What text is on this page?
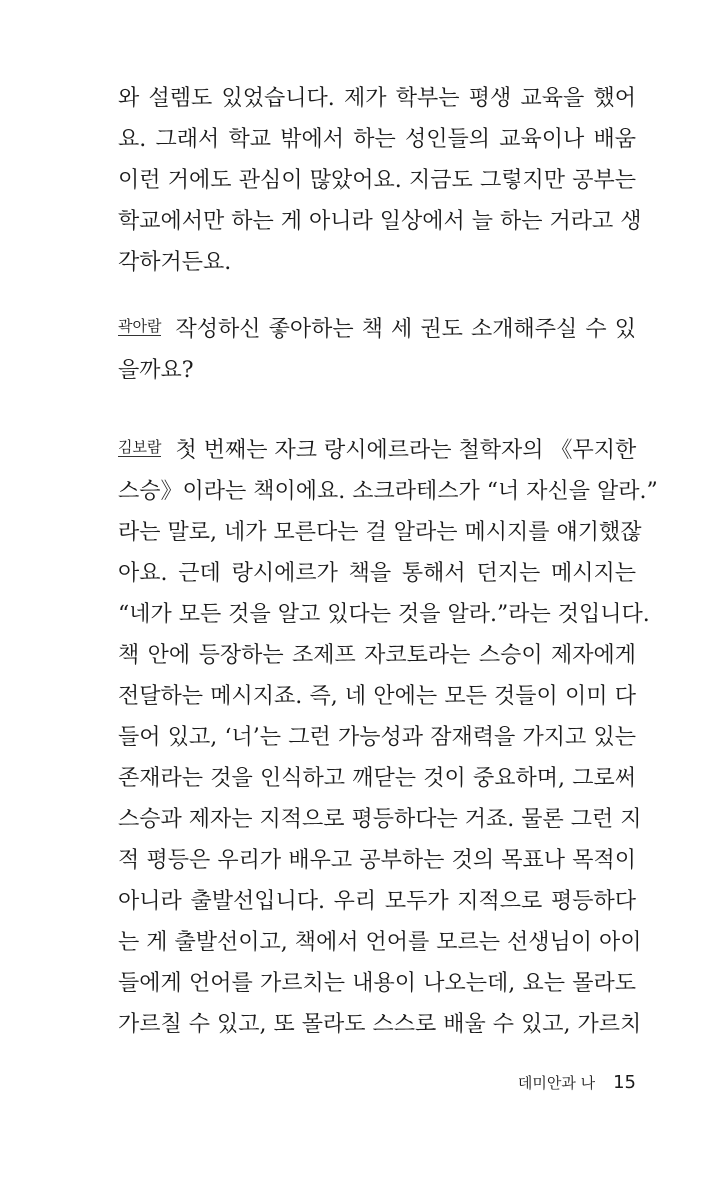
와 설렘도 있었습니다. 제가 학부는 평생 교육을 했어
요. 그래서 학교 밖에서 하는 성인들의 교육이나 배움
이런 거에도 관심이 많았어요. 지금도 그렇지만 공부는
학교에서만 하는 게 아니라 일상에서 늘 하는 거라고 생
각하거든요.
곽아람 작성하신 좋아하는 책 세 권도 소개해주실 수 있
을까요?
김보람 첫 번째는 자크 랑시에르라는 철학자의 《무지한
스승》이라는 책이에요. 소크라테스가 “너 자신을 알라.”
라는 말로, 네가 모른다는 걸 알라는 메시지를 얘기했잖
아요. 근데 랑시에르가 책을 통해서 던지는 메시지는
“네가 모든 것을 알고 있다는 것을 알라.”라는 것입니다.
책 안에 등장하는 조제프 자코토라는 스승이 제자에게
전달하는 메시지죠. 즉, 네 안에는 모든 것들이 이미 다
들어 있고, ‘너’는 그런 가능성과 잠재력을 가지고 있는
존재라는 것을 인식하고 깨닫는 것이 중요하며, 그로써
스승과 제자는 지적으로 평등하다는 거죠. 물론 그런 지
적 평등은 우리가 배우고 공부하는 것의 목표나 목적이
아니라 출발선입니다. 우리 모두가 지적으로 평등하다
는 게 출발선이고, 책에서 언어를 모르는 선생님이 아이
들에게 언어를 가르치는 내용이 나오는데, 요는 몰라도
가르칠 수 있고, 또 몰라도 스스로 배울 수 있고, 가르치
데미안과 나 15
